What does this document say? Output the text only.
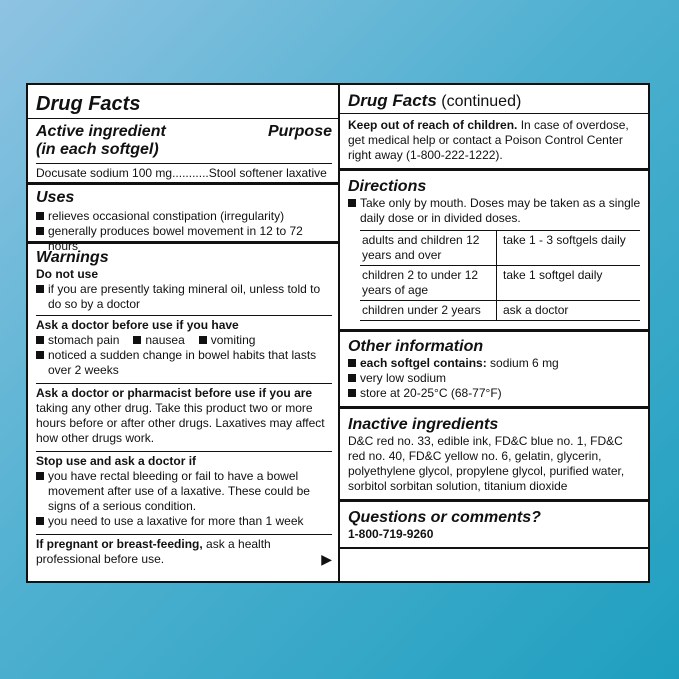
Drug Facts
Active ingredient
(in each softgel)
Purpose
Docusate sodium 100 mg...........Stool softener laxative
Uses
relieves occasional constipation (irregularity)
generally produces bowel movement in 12 to 72 hours
Warnings
Do not use
if you are presently taking mineral oil, unless told to do so by a doctor
Ask a doctor before use if you have
stomach pain	nausea	vomiting
noticed a sudden change in bowel habits that lasts over 2 weeks
Ask a doctor or pharmacist before use if you are
taking any other drug. Take this product two or more hours before or after other drugs. Laxatives may affect how other drugs work.
Stop use and ask a doctor if
you have rectal bleeding or fail to have a bowel movement after use of a laxative. These could be signs of a serious condition.
you need to use a laxative for more than 1 week
If pregnant or breast-feeding, ask a health professional before use.	▶
Drug Facts (continued)
Keep out of reach of children. In case of overdose, get medical help or contact a Poison Control Center right away (1-800-222-1222).
Directions
Take only by mouth. Doses may be taken as a single daily dose or in divided doses.
adults and children 12 years and over	take 1 - 3 softgels daily
children 2 to under 12 years of age	take 1 softgel daily
children under 2 years	ask a doctor
Other information
each softgel contains: sodium 6 mg
very low sodium
store at 20-25°C (68-77°F)
Inactive ingredients
D&C red no. 33, edible ink, FD&C blue no. 1, FD&C red no. 40, FD&C yellow no. 6, gelatin, glycerin, polyethylene glycol, propylene glycol, purified water, sorbitol sorbitan solution, titanium dioxide
Questions or comments?
1-800-719-9260
